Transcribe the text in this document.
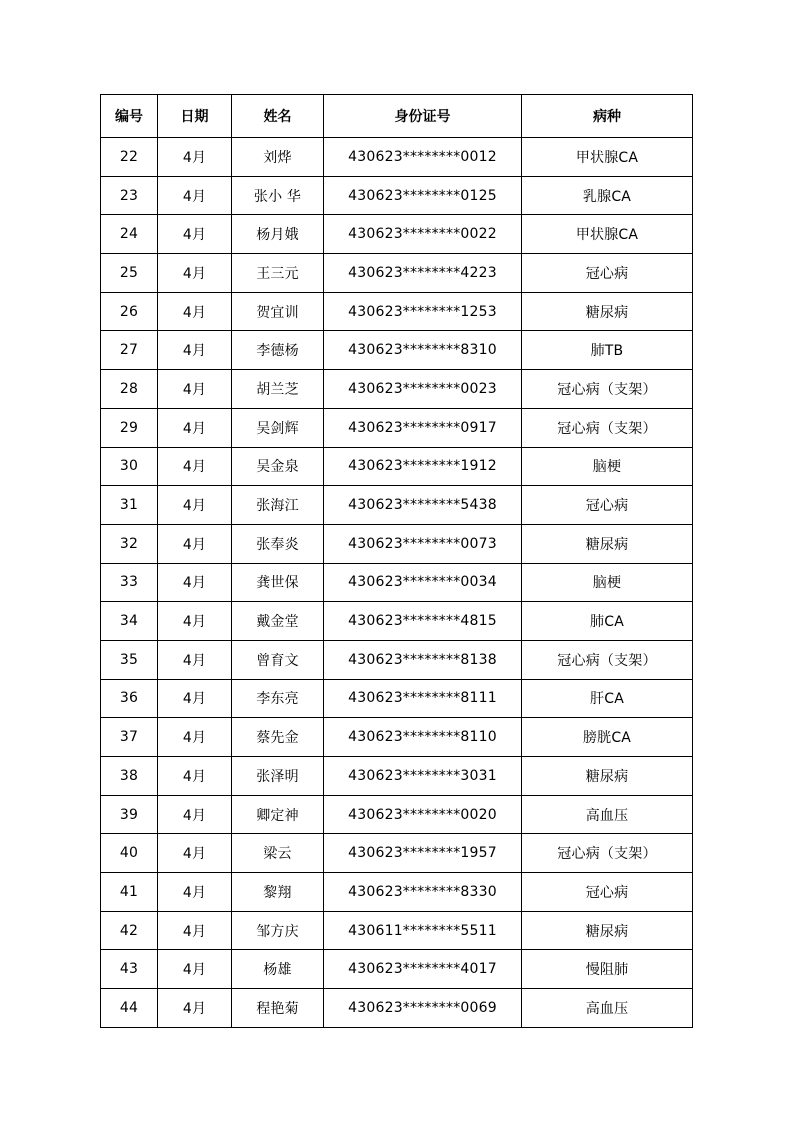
编号	日期	姓名	身份证号	病种
22	4月	刘烨	430623********0012	甲状腺CA
23	4月	张小 华	430623********0125	乳腺CA
24	4月	杨月娥	430623********0022	甲状腺CA
25	4月	王三元	430623********4223	冠心病
26	4月	贺宜训	430623********1253	糖尿病
27	4月	李德杨	430623********8310	肺TB
28	4月	胡兰芝	430623********0023	冠心病（支架）
29	4月	吴剑辉	430623********0917	冠心病（支架）
30	4月	吴金泉	430623********1912	脑梗
31	4月	张海江	430623********5438	冠心病
32	4月	张奉炎	430623********0073	糖尿病
33	4月	龚世保	430623********0034	脑梗
34	4月	戴金堂	430623********4815	肺CA
35	4月	曾育文	430623********8138	冠心病（支架）
36	4月	李东亮	430623********8111	肝CA
37	4月	蔡先金	430623********8110	膀胱CA
38	4月	张泽明	430623********3031	糖尿病
39	4月	卿定神	430623********0020	高血压
40	4月	梁云	430623********1957	冠心病（支架）
41	4月	黎翔	430623********8330	冠心病
42	4月	邹方庆	430611********5511	糖尿病
43	4月	杨雄	430623********4017	慢阻肺
44	4月	程艳菊	430623********0069	高血压
